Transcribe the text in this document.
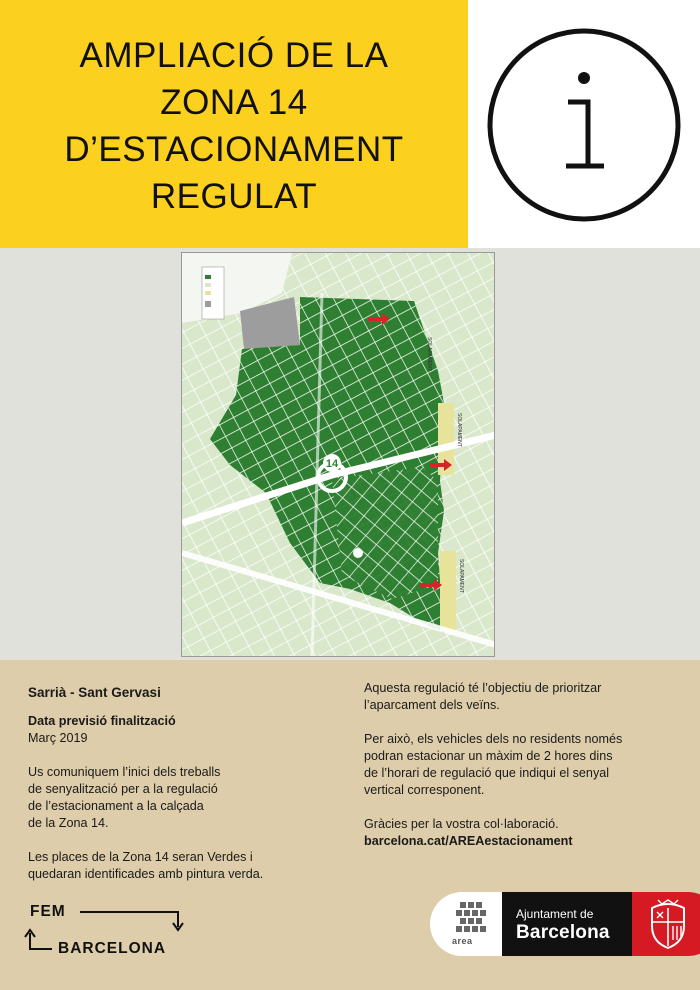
AMPLIACIÓ DE LA
ZONA 14
D’ESTACIONAMENT
REGULAT
14
SOLAPAMENT
SOLAPAMENT
SOLAPAMENT
Sarrià - Sant Gervasi
Data previsió finalització
Març 2019
Us comuniquem l’inici dels treballs
de senyalització per a la regulació
de l’estacionament a la calçada
de la Zona 14.
Les places de la Zona 14 seran Verdes i
quedaran identificades amb pintura verda.
Aquesta regulació té l’objectiu de prioritzar
l’aparcament dels veïns.
Per això, els vehicles dels no residents només
podran estacionar un màxim de 2 hores dins
de l’horari de regulació que indiqui el senyal
vertical corresponent.
Gràcies per la vostra col·laboració.
barcelona.cat/AREAestacionament
FEM
BARCELONA	area
Ajuntament de
Barcelona
